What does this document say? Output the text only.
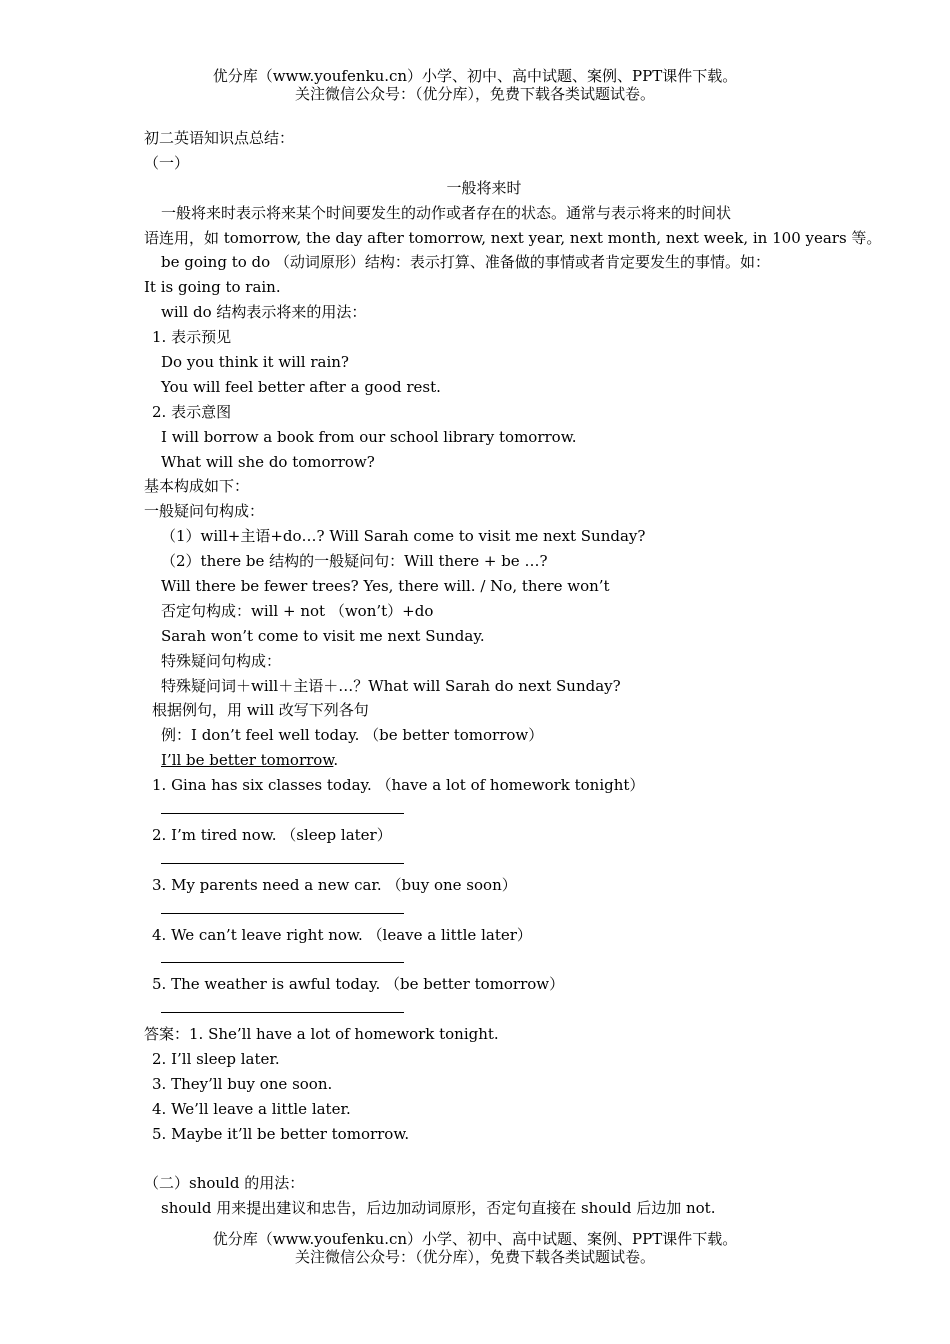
优分库（www.youfenku.cn）小学、初中、高中试题、案例、PPT课件下载。
关注微信公众号：（优分库），免费下载各类试题试卷。
初二英语知识点总结：
（一）
一般将来时
一般将来时表示将来某个时间要发生的动作或者存在的状态。通常与表示将来的时间状
语连用，如 tomorrow, the day after tomorrow, next year, next month, next week, in 100 years 等。
be going to do （动词原形）结构：表示打算、准备做的事情或者肯定要发生的事情。如：
It is going to rain.
will do 结构表示将来的用法：
1. 表示预见
Do you think it will rain?
You will feel better after a good rest.
2. 表示意图
I will borrow a book from our school library tomorrow.
What will she do tomorrow?
基本构成如下：
一般疑问句构成：
（1）will+主语+do…? Will Sarah come to visit me next Sunday?
（2）there be 结构的一般疑问句：Will there + be …?
Will there be fewer trees? Yes, there will. / No, there won’t
否定句构成：will + not （won’t）+do
Sarah won’t come to visit me next Sunday.
特殊疑问句构成：
特殊疑问词＋will＋主语＋…？What will Sarah do next Sunday?
根据例句，用 will 改写下列各句
例：I don’t feel well today. （be better tomorrow）
I’ll be better tomorrow.
1. Gina has six classes today. （have a lot of homework tonight）
2. I’m tired now. （sleep later）
3. My parents need a new car. （buy one soon）
4. We can’t leave right now. （leave a little later）
5. The weather is awful today. （be better tomorrow）
答案：1. She’ll have a lot of homework tonight.
2. I’ll sleep later.
3. They’ll buy one soon.
4. We’ll leave a little later.
5. Maybe it’ll be better tomorrow.
（二）should 的用法：
should 用来提出建议和忠告，后边加动词原形，否定句直接在 should 后边加 not.
优分库（www.youfenku.cn）小学、初中、高中试题、案例、PPT课件下载。
关注微信公众号：（优分库），免费下载各类试题试卷。
